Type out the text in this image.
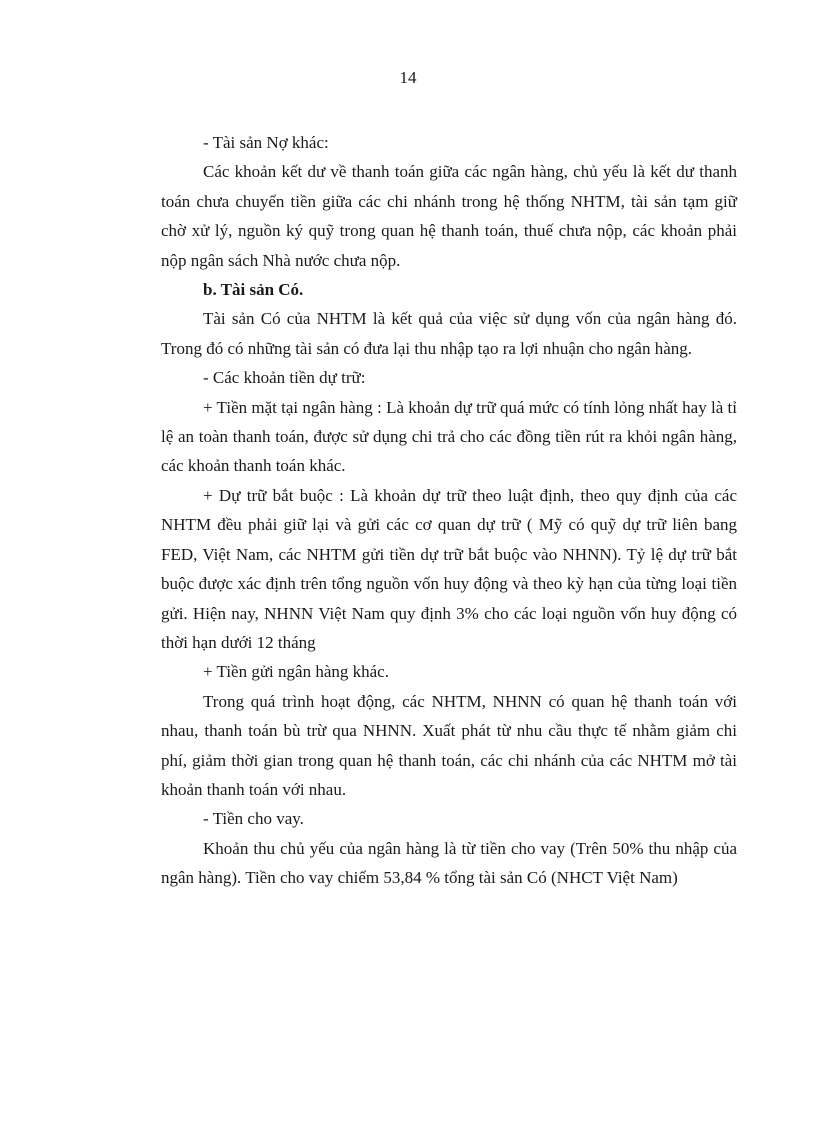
14

- Tài sản Nợ khác:

Các khoản kết dư về thanh toán giữa các ngân hàng, chủ yếu là kết dư thanh toán chưa chuyển tiền giữa các chi nhánh trong hệ thống NHTM, tài sản tạm giữ chờ xử lý, nguồn ký quỹ trong quan hệ thanh toán, thuế chưa nộp, các khoản phải nộp ngân sách Nhà nước chưa nộp.

b. Tài sản Có.

Tài sản Có của NHTM là kết quả của việc sử dụng vốn của ngân hàng đó. Trong đó có những tài sản có đưa lại thu nhập tạo ra lợi nhuận cho ngân hàng.

- Các khoản tiền dự trữ:

+ Tiền mặt tại ngân hàng : Là khoản dự trữ quá mức có tính lỏng nhất hay là tỉ lệ an toàn thanh toán, được sử dụng chi trả cho các đồng tiền rút ra khỏi ngân hàng, các khoản thanh toán khác.

+ Dự trữ bắt buộc : Là khoản dự trữ theo luật định, theo quy định của các NHTM đều phải giữ lại và gửi các cơ quan dự trữ ( Mỹ có quỹ dự trữ liên bang FED, Việt Nam, các NHTM gửi tiền dự trữ bắt buộc vào NHNN). Tỷ lệ dự trữ bắt buộc được xác định trên tổng nguồn vốn huy động và theo kỳ hạn của từng loại tiền gửi. Hiện nay, NHNN Việt Nam quy định 3% cho các loại nguồn vốn huy động có thời hạn dưới 12 tháng

+ Tiền gửi ngân hàng khác.

Trong quá trình hoạt động, các NHTM, NHNN có quan hệ thanh toán với nhau, thanh toán bù trừ qua NHNN. Xuất phát từ nhu cầu thực tế nhằm giảm chi phí, giảm thời gian trong quan hệ thanh toán, các chi nhánh của các NHTM mở tài khoản thanh toán với nhau.

- Tiền cho vay.

Khoản thu chủ yếu của ngân hàng là từ tiền cho vay (Trên 50% thu nhập của ngân hàng). Tiền cho vay chiếm 53,84 % tổng tài sản Có (NHCT Việt Nam)
